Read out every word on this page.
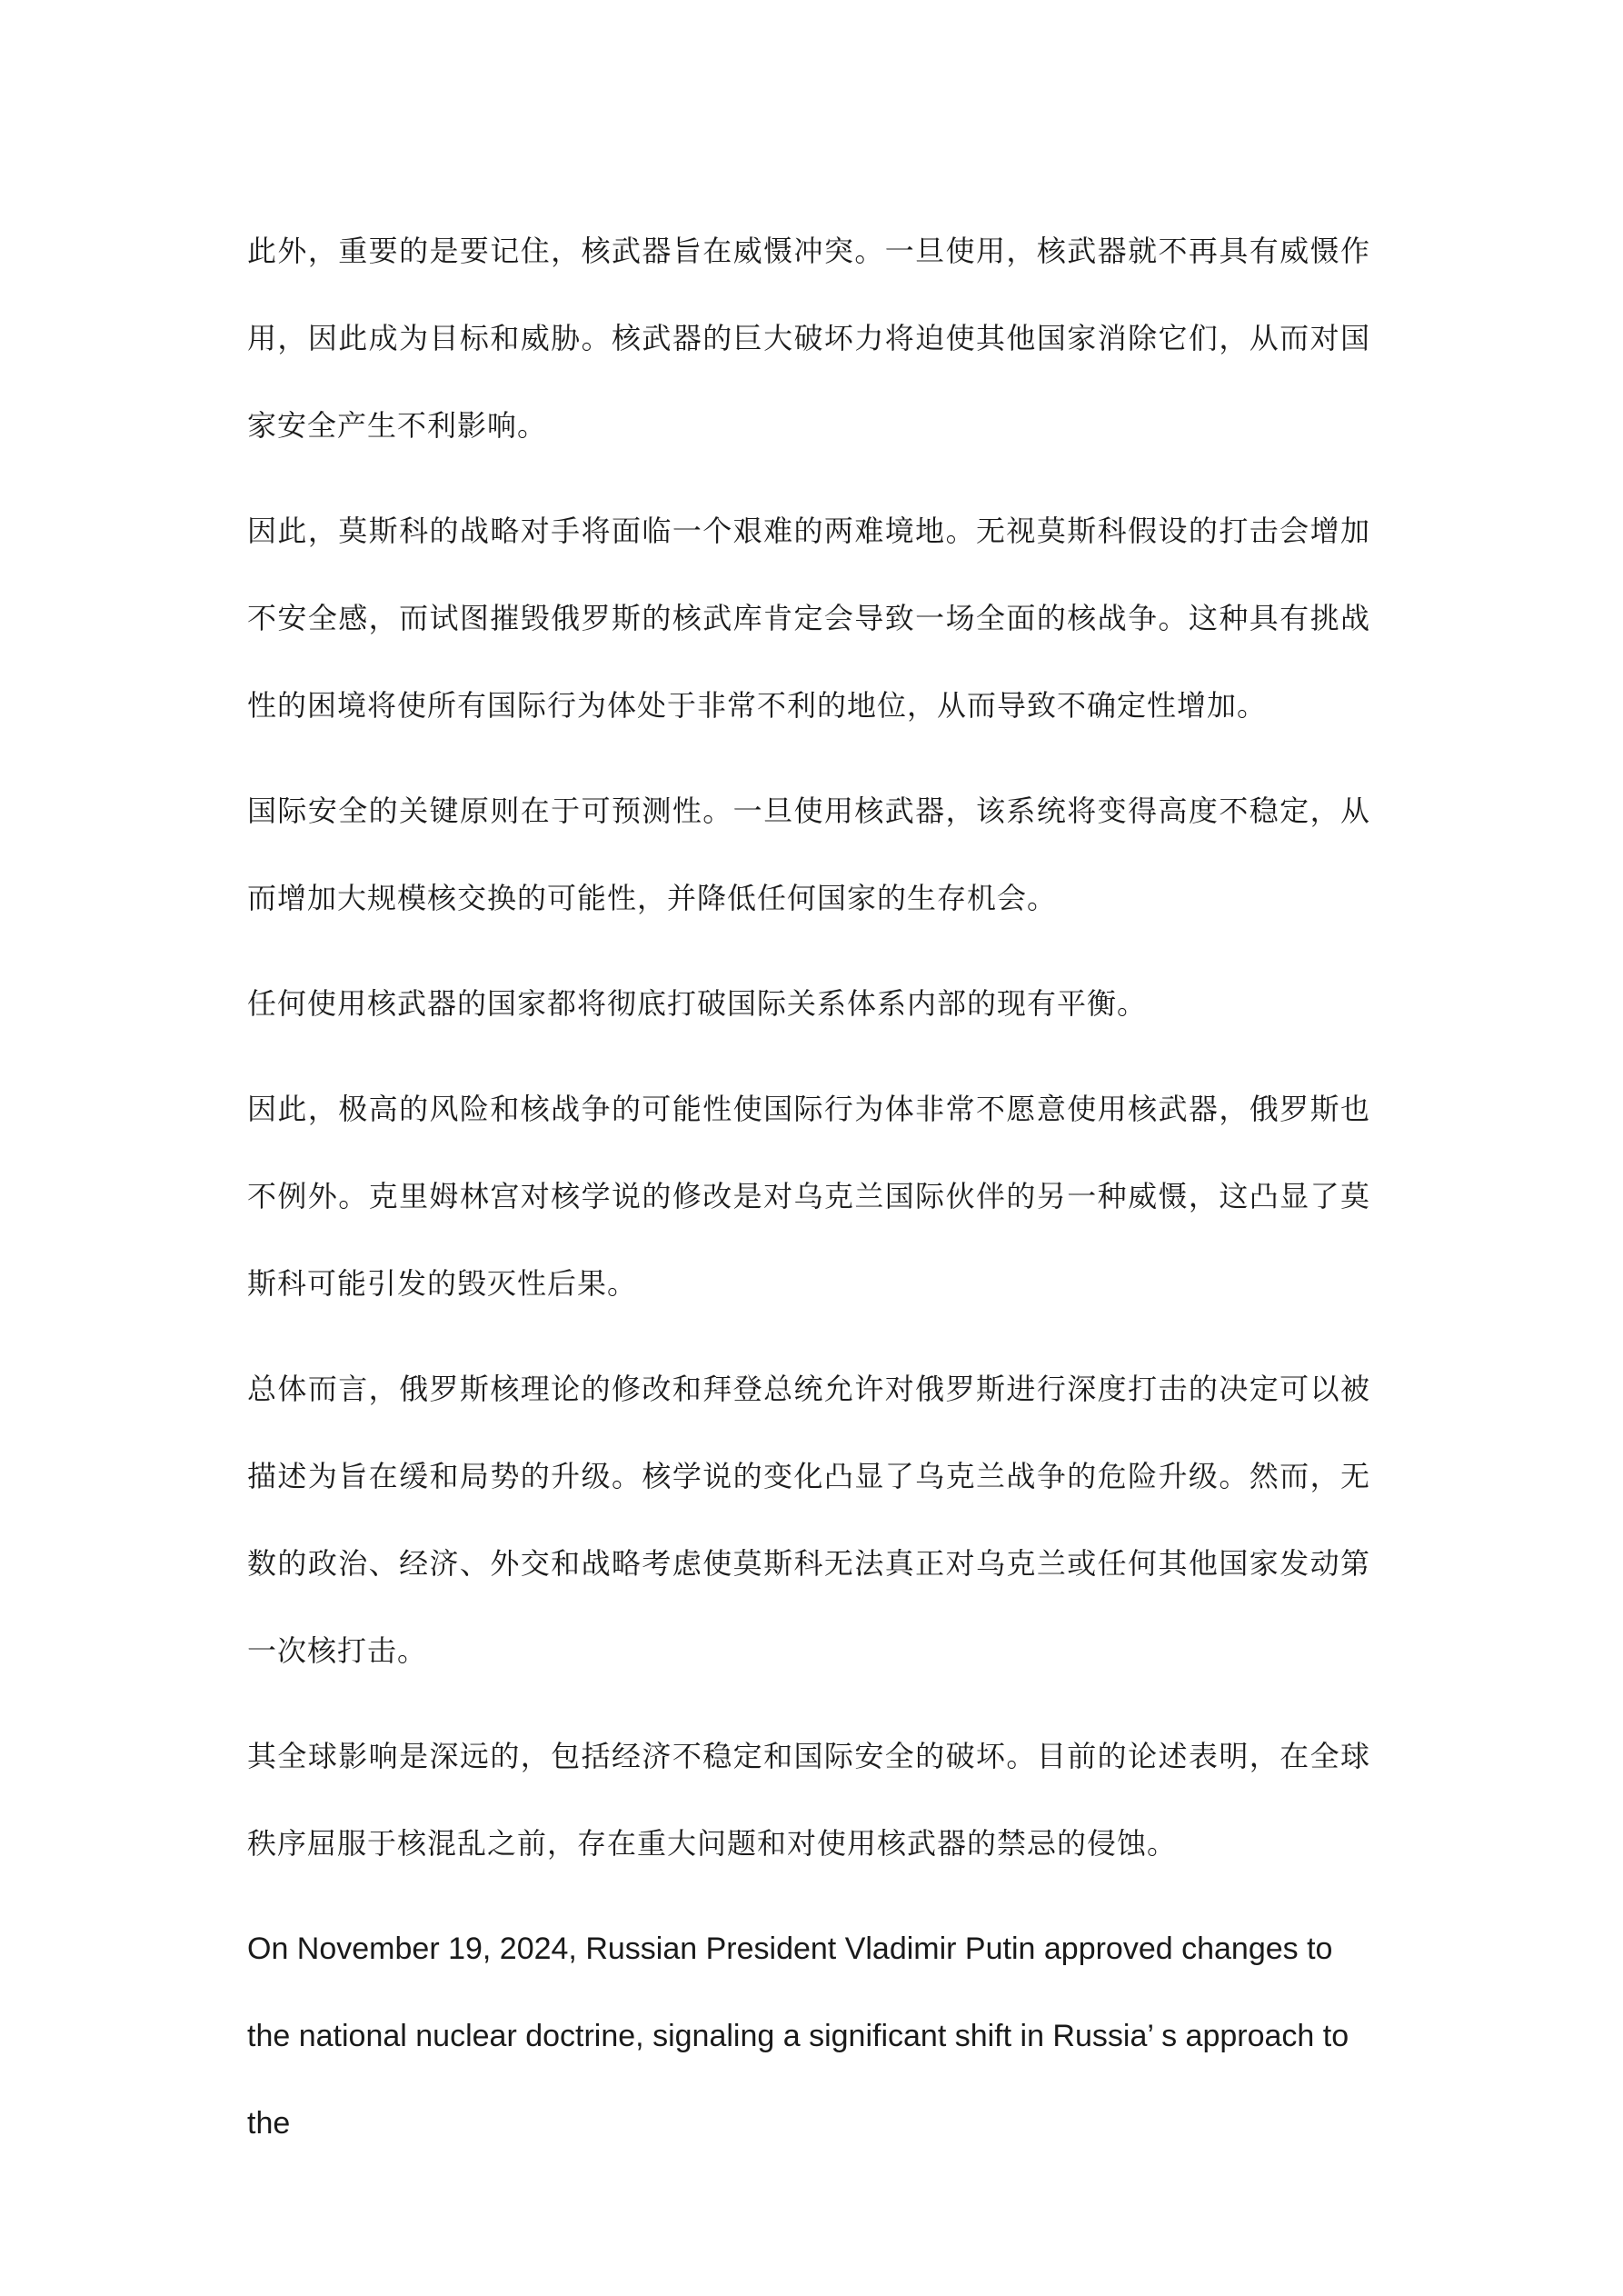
此外，重要的是要记住，核武器旨在威慑冲突。一旦使用，核武器就不再具有威慑作用，因此成为目标和威胁。核武器的巨大破坏力将迫使其他国家消除它们，从而对国家安全产生不利影响。

因此，莫斯科的战略对手将面临一个艰难的两难境地。无视莫斯科假设的打击会增加不安全感，而试图摧毁俄罗斯的核武库肯定会导致一场全面的核战争。这种具有挑战性的困境将使所有国际行为体处于非常不利的地位，从而导致不确定性增加。

国际安全的关键原则在于可预测性。一旦使用核武器，该系统将变得高度不稳定，从而增加大规模核交换的可能性，并降低任何国家的生存机会。

任何使用核武器的国家都将彻底打破国际关系体系内部的现有平衡。

因此，极高的风险和核战争的可能性使国际行为体非常不愿意使用核武器，俄罗斯也不例外。克里姆林宫对核学说的修改是对乌克兰国际伙伴的另一种威慑，这凸显了莫斯科可能引发的毁灭性后果。

总体而言，俄罗斯核理论的修改和拜登总统允许对俄罗斯进行深度打击的决定可以被描述为旨在缓和局势的升级。核学说的变化凸显了乌克兰战争的危险升级。然而，无数的政治、经济、外交和战略考虑使莫斯科无法真正对乌克兰或任何其他国家发动第一次核打击。

其全球影响是深远的，包括经济不稳定和国际安全的破坏。目前的论述表明，在全球秩序屈服于核混乱之前，存在重大问题和对使用核武器的禁忌的侵蚀。

On November 19, 2024, Russian President Vladimir Putin approved changes to the national nuclear doctrine, signaling a significant shift in Russia’ s approach to the
